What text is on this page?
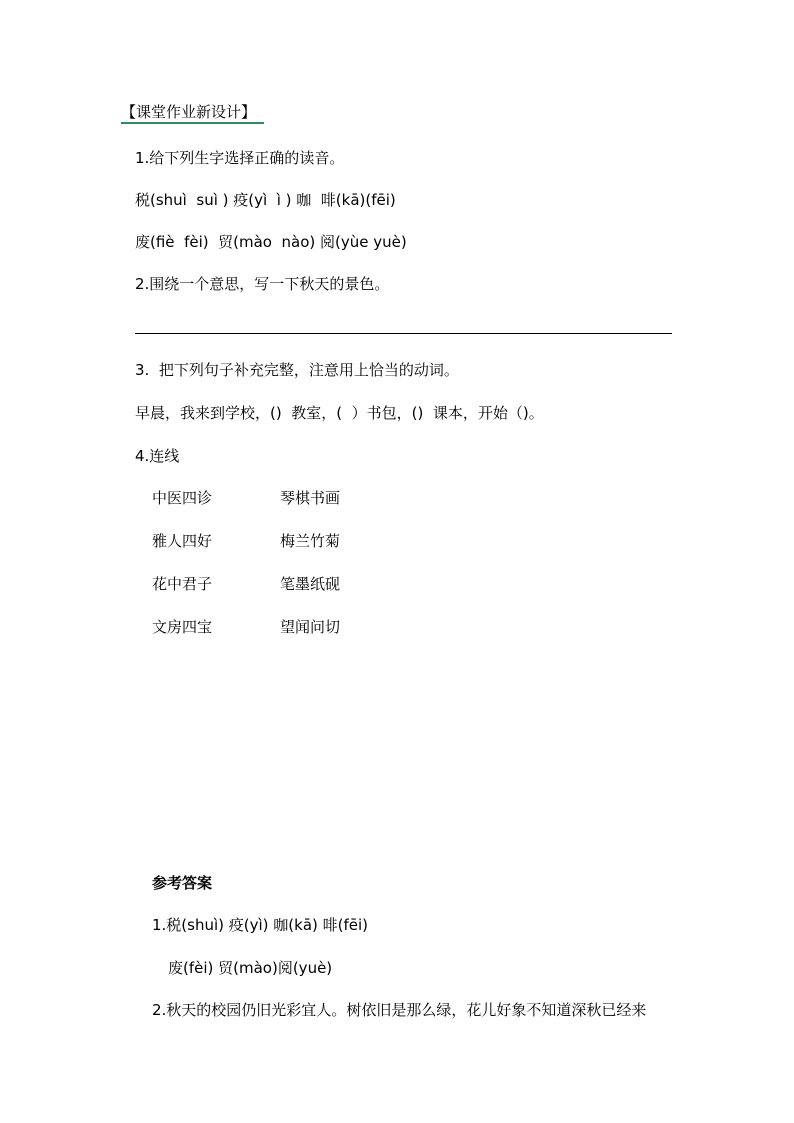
【课堂作业新设计】
1.给下列生字选择正确的读音。
税(shuì  suì ) 疫(yì  ì ) 咖  啡(kā)(fēi)
废(fiè  fèi)  贸(mào  nào) 阅(yùe yuè)
2.围绕一个意思，写一下秋天的景色。
3.  把下列句子补充完整，注意用上恰当的动词。
早晨，我来到学校，()  教室，(  ）书包，()  课本，开始（)。
4.连线
中医四诊	琴棋书画
雅人四好	梅兰竹菊
花中君子	笔墨纸砚
文房四宝	望闻问切
参考答案
1.税(shuì) 疫(yì) 咖(kā) 啡(fēi)
废(fèi) 贸(mào)阅(yuè)
2.秋天的校园仍旧光彩宜人。树依旧是那么绿，花儿好象不知道深秋已经来
